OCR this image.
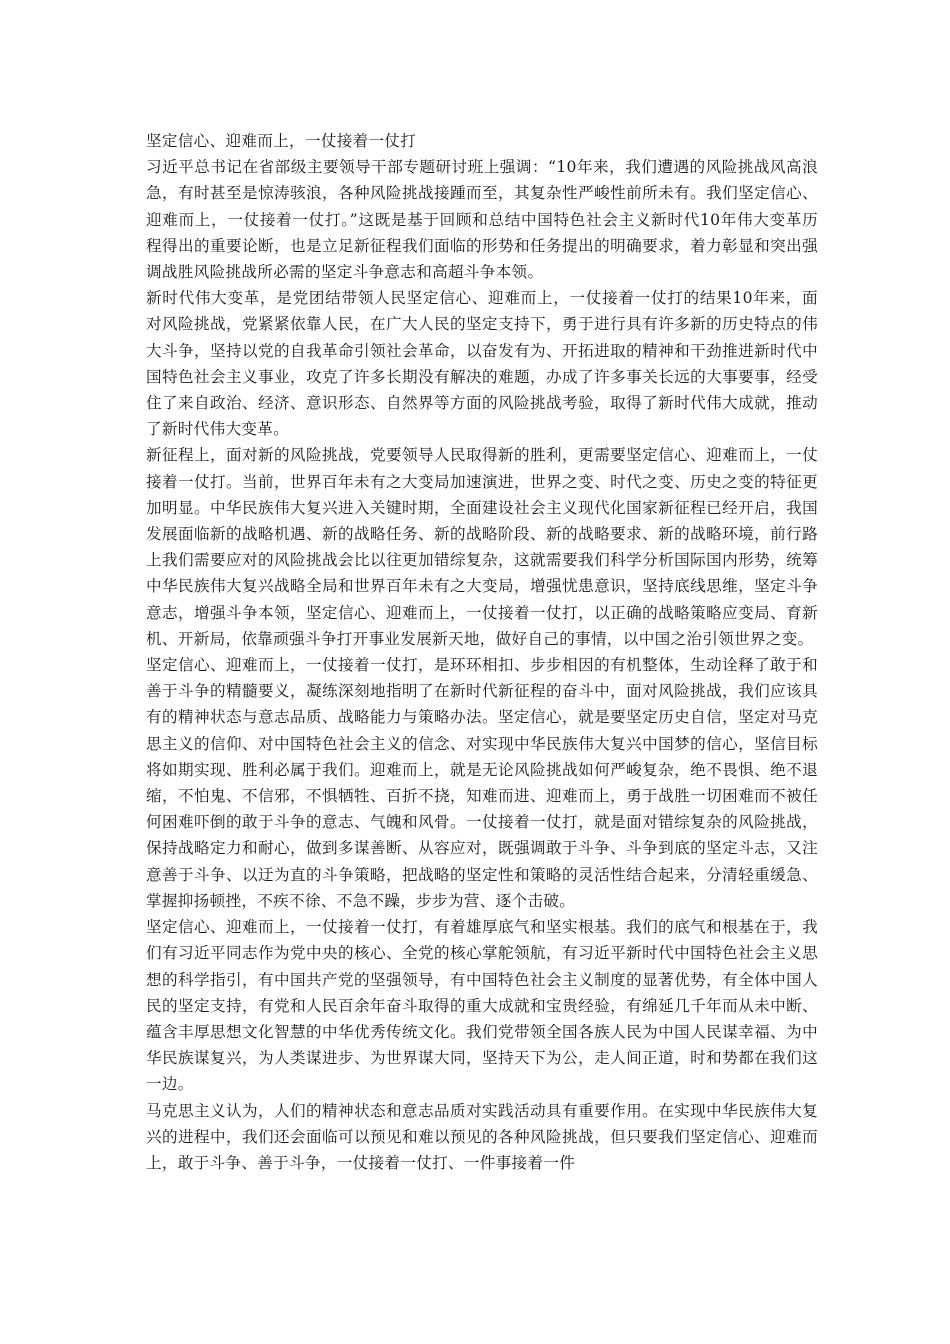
坚定信心、迎难而上，一仗接着一仗打

习近平总书记在省部级主要领导干部专题研讨班上强调：“10年来，我们遭遇的风险挑战风高浪急，有时甚至是惊涛骇浪，各种风险挑战接踵而至，其复杂性严峻性前所未有。我们坚定信心、迎难而上，一仗接着一仗打。”这既是基于回顾和总结中国特色社会主义新时代10年伟大变革历程得出的重要论断，也是立足新征程我们面临的形势和任务提出的明确要求，着力彰显和突出强调战胜风险挑战所必需的坚定斗争意志和高超斗争本领。

新时代伟大变革，是党团结带领人民坚定信心、迎难而上，一仗接着一仗打的结果10年来，面对风险挑战，党紧紧依靠人民，在广大人民的坚定支持下，勇于进行具有许多新的历史特点的伟大斗争，坚持以党的自我革命引领社会革命，以奋发有为、开拓进取的精神和干劲推进新时代中国特色社会主义事业，攻克了许多长期没有解决的难题，办成了许多事关长远的大事要事，经受住了来自政治、经济、意识形态、自然界等方面的风险挑战考验，取得了新时代伟大成就，推动了新时代伟大变革。

新征程上，面对新的风险挑战，党要领导人民取得新的胜利，更需要坚定信心、迎难而上，一仗接着一仗打。当前，世界百年未有之大变局加速演进，世界之变、时代之变、历史之变的特征更加明显。中华民族伟大复兴进入关键时期，全面建设社会主义现代化国家新征程已经开启，我国发展面临新的战略机遇、新的战略任务、新的战略阶段、新的战略要求、新的战略环境，前行路上我们需要应对的风险挑战会比以往更加错综复杂，这就需要我们科学分析国际国内形势，统筹中华民族伟大复兴战略全局和世界百年未有之大变局，增强忧患意识，坚持底线思维，坚定斗争意志，增强斗争本领，坚定信心、迎难而上，一仗接着一仗打，以正确的战略策略应变局、育新机、开新局，依靠顽强斗争打开事业发展新天地，做好自己的事情，以中国之治引领世界之变。

坚定信心、迎难而上，一仗接着一仗打，是环环相扣、步步相因的有机整体，生动诠释了敢于和善于斗争的精髓要义，凝练深刻地指明了在新时代新征程的奋斗中，面对风险挑战，我们应该具有的精神状态与意志品质、战略能力与策略办法。坚定信心，就是要坚定历史自信，坚定对马克思主义的信仰、对中国特色社会主义的信念、对实现中华民族伟大复兴中国梦的信心，坚信目标将如期实现、胜利必属于我们。迎难而上，就是无论风险挑战如何严峻复杂，绝不畏惧、绝不退缩，不怕鬼、不信邪，不惧牺牲、百折不挠，知难而进、迎难而上，勇于战胜一切困难而不被任何困难吓倒的敢于斗争的意志、气魄和风骨。一仗接着一仗打，就是面对错综复杂的风险挑战，保持战略定力和耐心，做到多谋善断、从容应对，既强调敢于斗争、斗争到底的坚定斗志，又注意善于斗争、以迂为直的斗争策略，把战略的坚定性和策略的灵活性结合起来，分清轻重缓急、掌握抑扬顿挫，不疾不徐、不急不躁，步步为营、逐个击破。

坚定信心、迎难而上，一仗接着一仗打，有着雄厚底气和坚实根基。我们的底气和根基在于，我们有习近平同志作为党中央的核心、全党的核心掌舵领航，有习近平新时代中国特色社会主义思想的科学指引，有中国共产党的坚强领导，有中国特色社会主义制度的显著优势，有全体中国人民的坚定支持，有党和人民百余年奋斗取得的重大成就和宝贵经验，有绵延几千年而从未中断、蕴含丰厚思想文化智慧的中华优秀传统文化。我们党带领全国各族人民为中国人民谋幸福、为中华民族谋复兴，为人类谋进步、为世界谋大同，坚持天下为公，走人间正道，时和势都在我们这一边。

马克思主义认为，人们的精神状态和意志品质对实践活动具有重要作用。在实现中华民族伟大复兴的进程中，我们还会面临可以预见和难以预见的各种风险挑战，但只要我们坚定信心、迎难而上，敢于斗争、善于斗争，一仗接着一仗打、一件事接着一件
